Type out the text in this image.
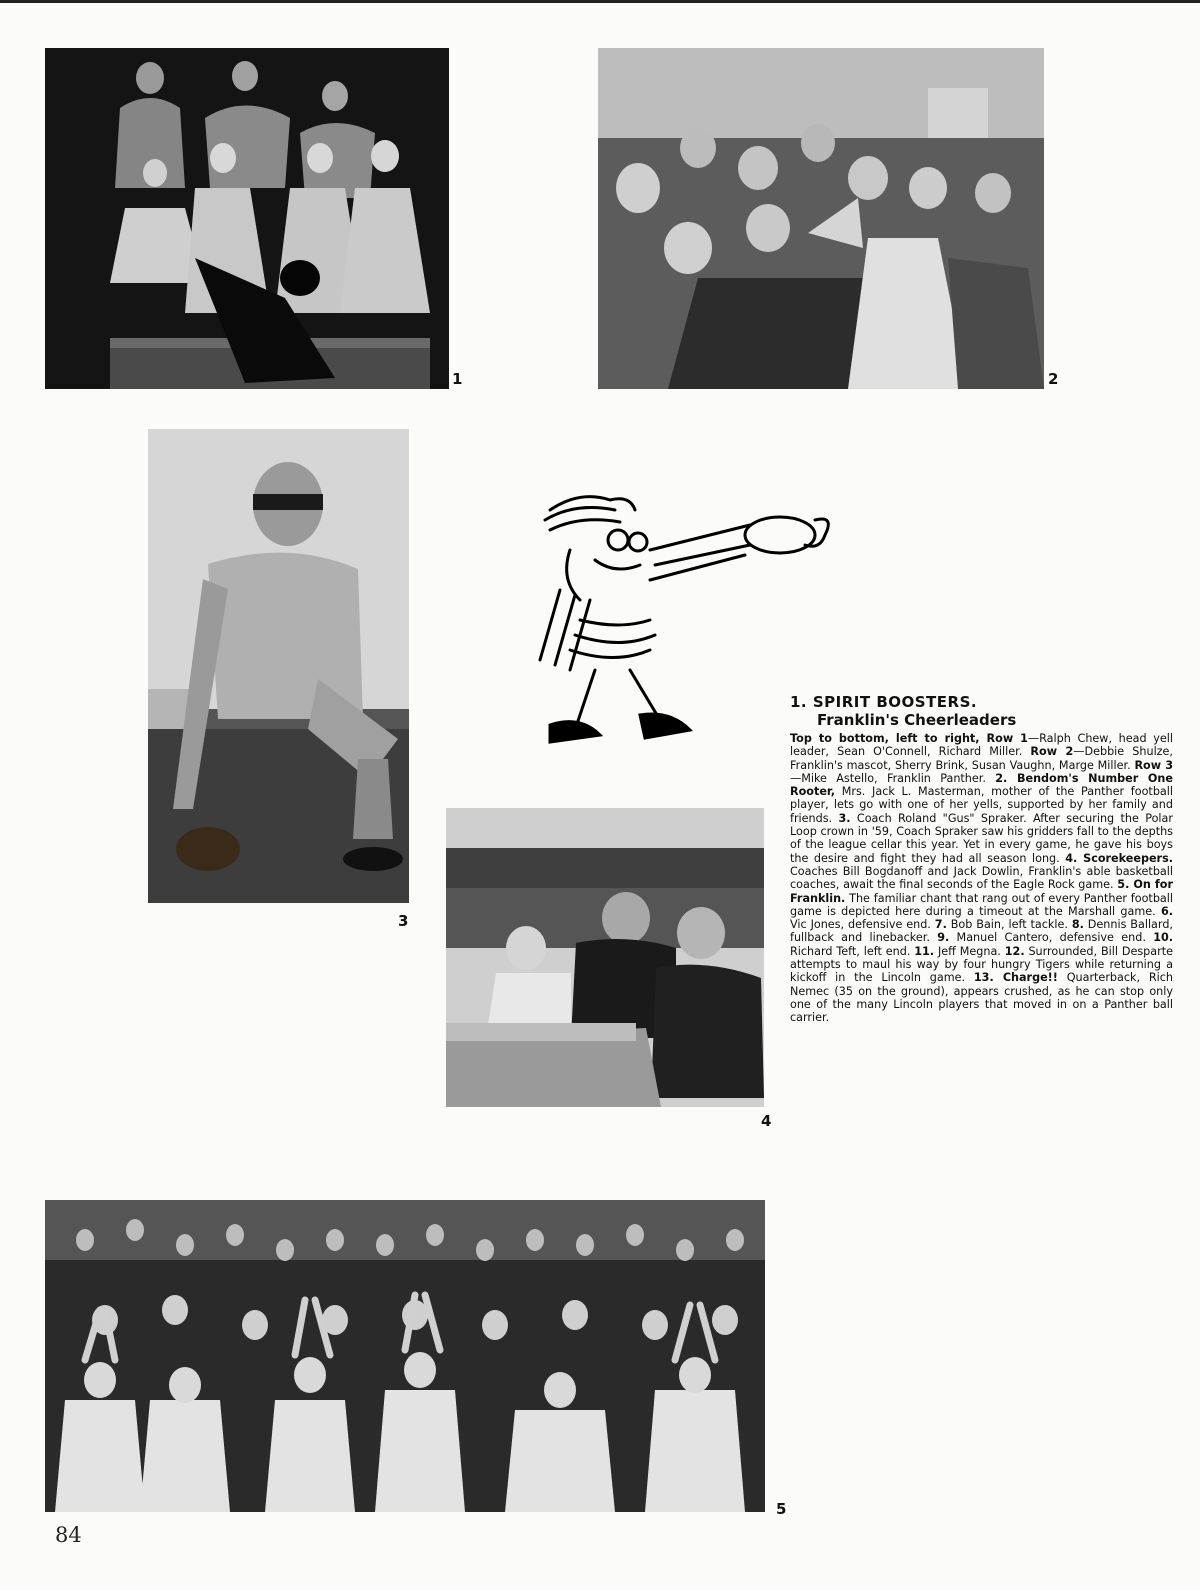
1	2
3
4
5

1. SPIRIT BOOSTERS.

Franklin's Cheerleaders

Top to bottom, left to right, Row 1—Ralph Chew, head yell leader, Sean O'Connell, Richard Miller. Row 2—Debbie Shulze, Franklin's mascot, Sherry Brink, Susan Vaughn, Marge Miller. Row 3—Mike Astello, Franklin Panther. 2. Bendom's Number One Rooter, Mrs. Jack L. Masterman, mother of the Panther football player, lets go with one of her yells, supported by her family and friends. 3. Coach Roland "Gus" Spraker. After securing the Polar Loop crown in '59, Coach Spraker saw his gridders fall to the depths of the league cellar this year. Yet in every game, he gave his boys the desire and fight they had all season long. 4. Scorekeepers. Coaches Bill Bogdanoff and Jack Dowlin, Franklin's able basketball coaches, await the final seconds of the Eagle Rock game. 5. On for Franklin. The familiar chant that rang out of every Panther football game is depicted here during a timeout at the Marshall game. 6. Vic Jones, defensive end. 7. Bob Bain, left tackle. 8. Dennis Ballard, fullback and linebacker. 9. Manuel Cantero, defensive end. 10. Richard Teft, left end. 11. Jeff Megna. 12. Surrounded, Bill Desparte attempts to maul his way by four hungry Tigers while returning a kickoff in the Lincoln game. 13. Charge!! Quarterback, Rich Nemec (35 on the ground), appears crushed, as he can stop only one of the many Lincoln players that moved in on a Panther ball carrier.

84
